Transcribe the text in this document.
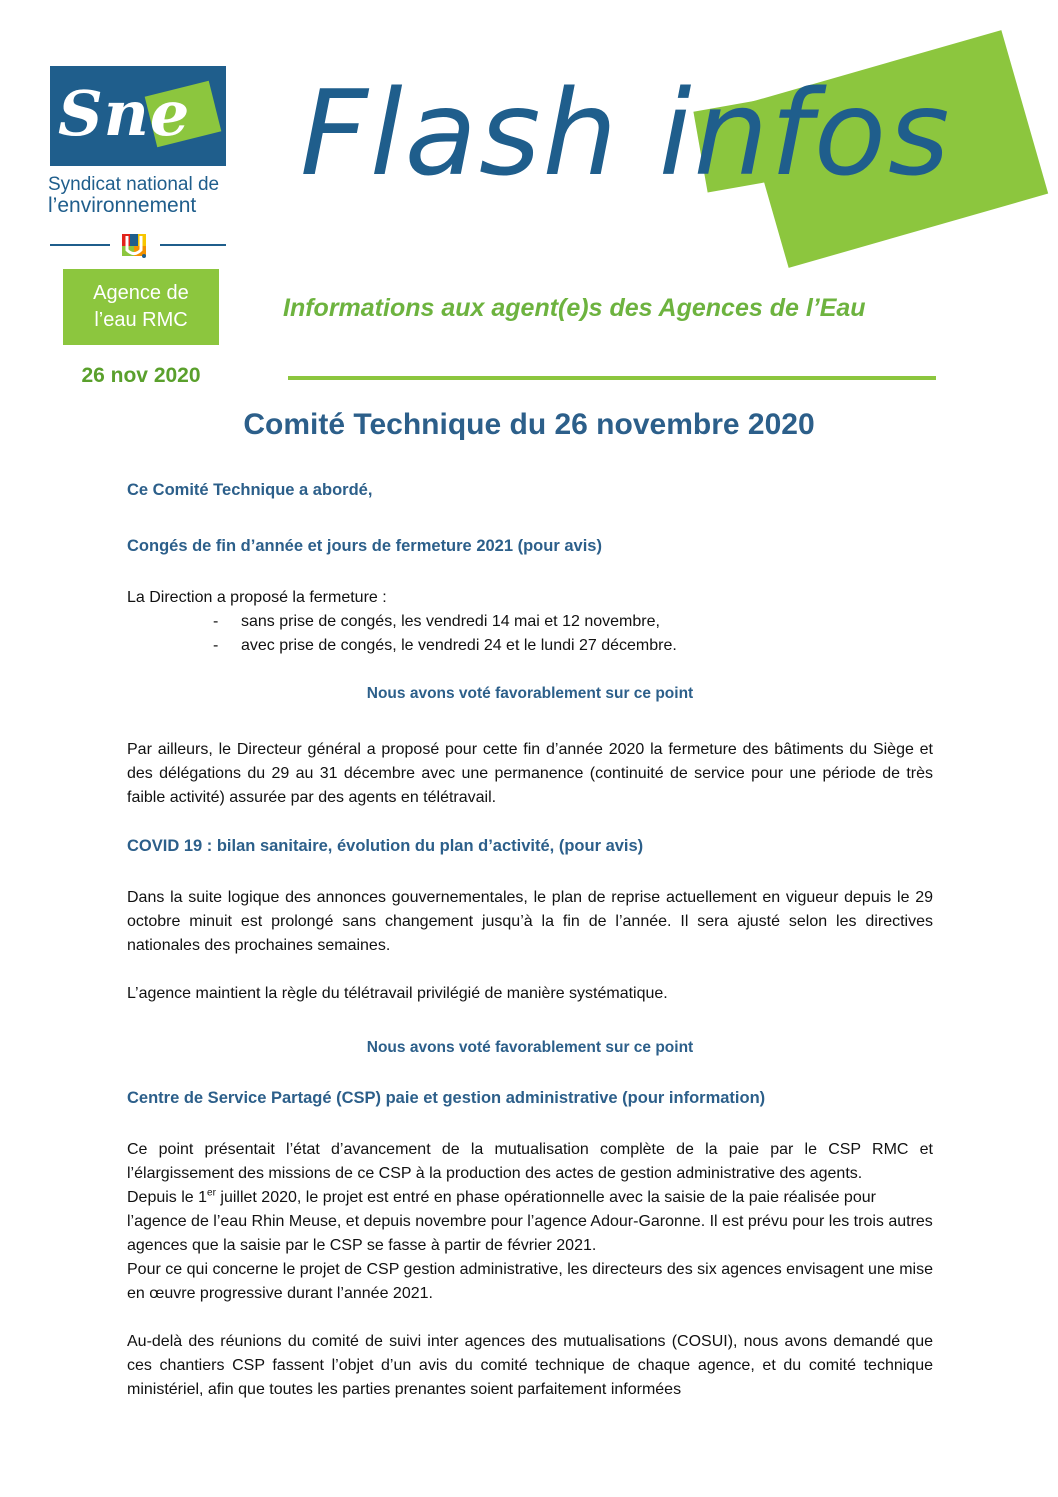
Sne
Syndicat national de
l’environnement
Agence de
l’eau RMC
26 nov 2020
Flash infos
Informations aux agent(e)s des Agences de l’Eau
Comité Technique du 26 novembre 2020

Ce Comité Technique a abordé,

Congés de fin d’année et jours de fermeture 2021 (pour avis)

La Direction a proposé la fermeture :

- sans prise de congés, les vendredi 14 mai et 12 novembre,
- avec prise de congés, le vendredi 24 et le lundi 27 décembre.

Nous avons voté favorablement sur ce point

Par ailleurs, le Directeur général a proposé pour cette fin d’année 2020 la fermeture des bâtiments du Siège et des délégations du 29 au 31 décembre avec une permanence (continuité de service pour une période de très faible activité) assurée par des agents en télétravail.

COVID 19 : bilan sanitaire, évolution du plan d’activité, (pour avis)

Dans la suite logique des annonces gouvernementales, le plan de reprise actuellement en vigueur depuis le 29 octobre minuit est prolongé sans changement jusqu’à la fin de l’année. Il sera ajusté selon les directives nationales des prochaines semaines.

L’agence maintient la règle du télétravail privilégié de manière systématique.

Nous avons voté favorablement sur ce point

Centre de Service Partagé (CSP) paie et gestion administrative (pour information)

Ce point présentait l’état d’avancement de la mutualisation complète de la paie par le CSP RMC et l’élargissement des missions de ce CSP à la production des actes de gestion administrative des agents.

Depuis le 1er juillet 2020, le projet est entré en phase opérationnelle avec la saisie de la paie réalisée pour l’agence de l’eau Rhin Meuse, et depuis novembre pour l’agence Adour-Garonne. Il est prévu pour les trois autres agences que la saisie par le CSP se fasse à partir de février 2021.

Pour ce qui concerne le projet de CSP gestion administrative, les directeurs des six agences envisagent une mise en œuvre progressive durant l’année 2021.

Au-delà des réunions du comité de suivi inter agences des mutualisations (COSUI), nous avons demandé que ces chantiers CSP fassent l’objet d’un avis du comité technique de chaque agence, et du comité technique ministériel, afin que toutes les parties prenantes soient parfaitement informées
